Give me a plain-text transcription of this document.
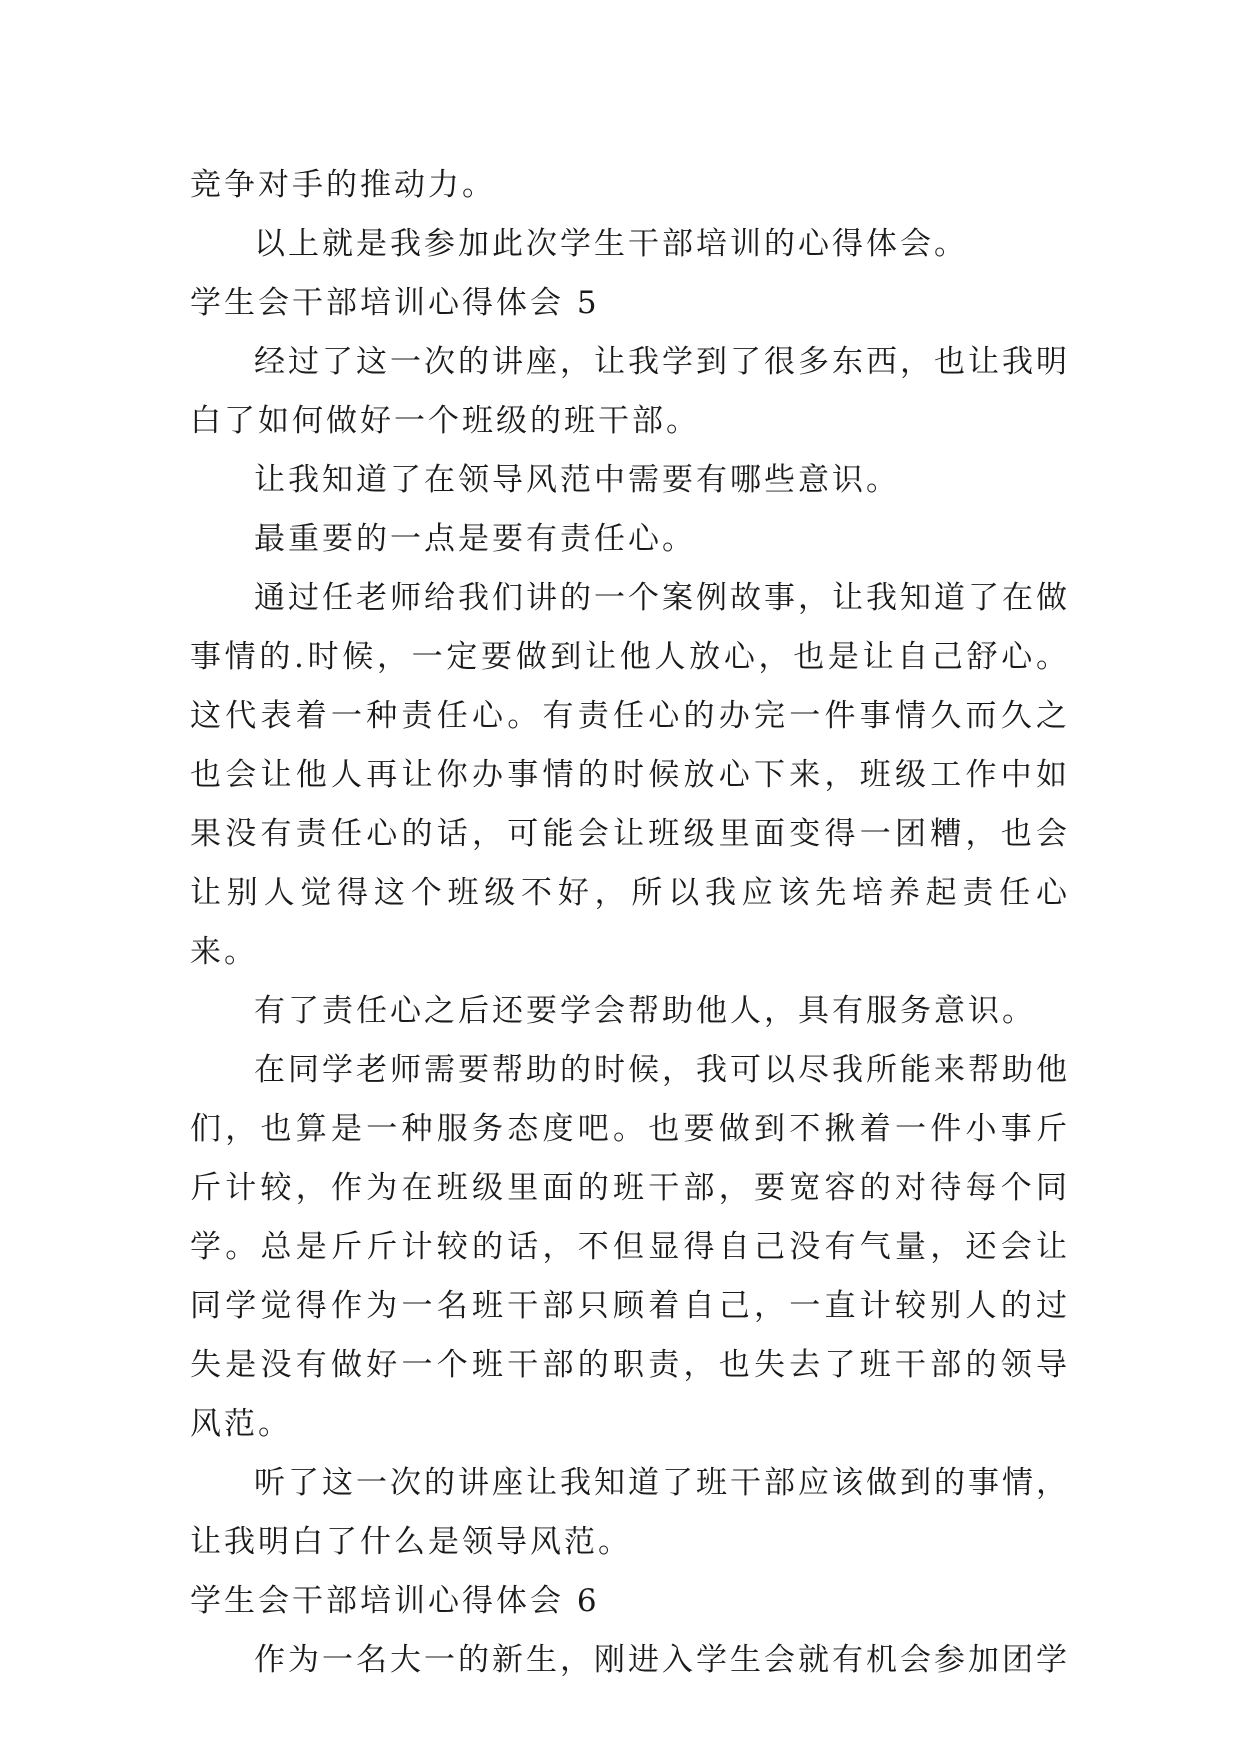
竞争对手的推动力。

以上就是我参加此次学生干部培训的心得体会。

学生会干部培训心得体会 5

经过了这一次的讲座，让我学到了很多东西，也让我明白了如何做好一个班级的班干部。

让我知道了在领导风范中需要有哪些意识。

最重要的一点是要有责任心。

通过任老师给我们讲的一个案例故事，让我知道了在做事情的.时候，一定要做到让他人放心，也是让自己舒心。这代表着一种责任心。有责任心的办完一件事情久而久之也会让他人再让你办事情的时候放心下来，班级工作中如果没有责任心的话，可能会让班级里面变得一团糟，也会让别人觉得这个班级不好，所以我应该先培养起责任心来。

有了责任心之后还要学会帮助他人，具有服务意识。

在同学老师需要帮助的时候，我可以尽我所能来帮助他们，也算是一种服务态度吧。也要做到不揪着一件小事斤斤计较，作为在班级里面的班干部，要宽容的对待每个同学。总是斤斤计较的话，不但显得自己没有气量，还会让同学觉得作为一名班干部只顾着自己，一直计较别人的过失是没有做好一个班干部的职责，也失去了班干部的领导风范。

听了这一次的讲座让我知道了班干部应该做到的事情，让我明白了什么是领导风范。

学生会干部培训心得体会 6

作为一名大一的新生，刚进入学生会就有机会参加团学
